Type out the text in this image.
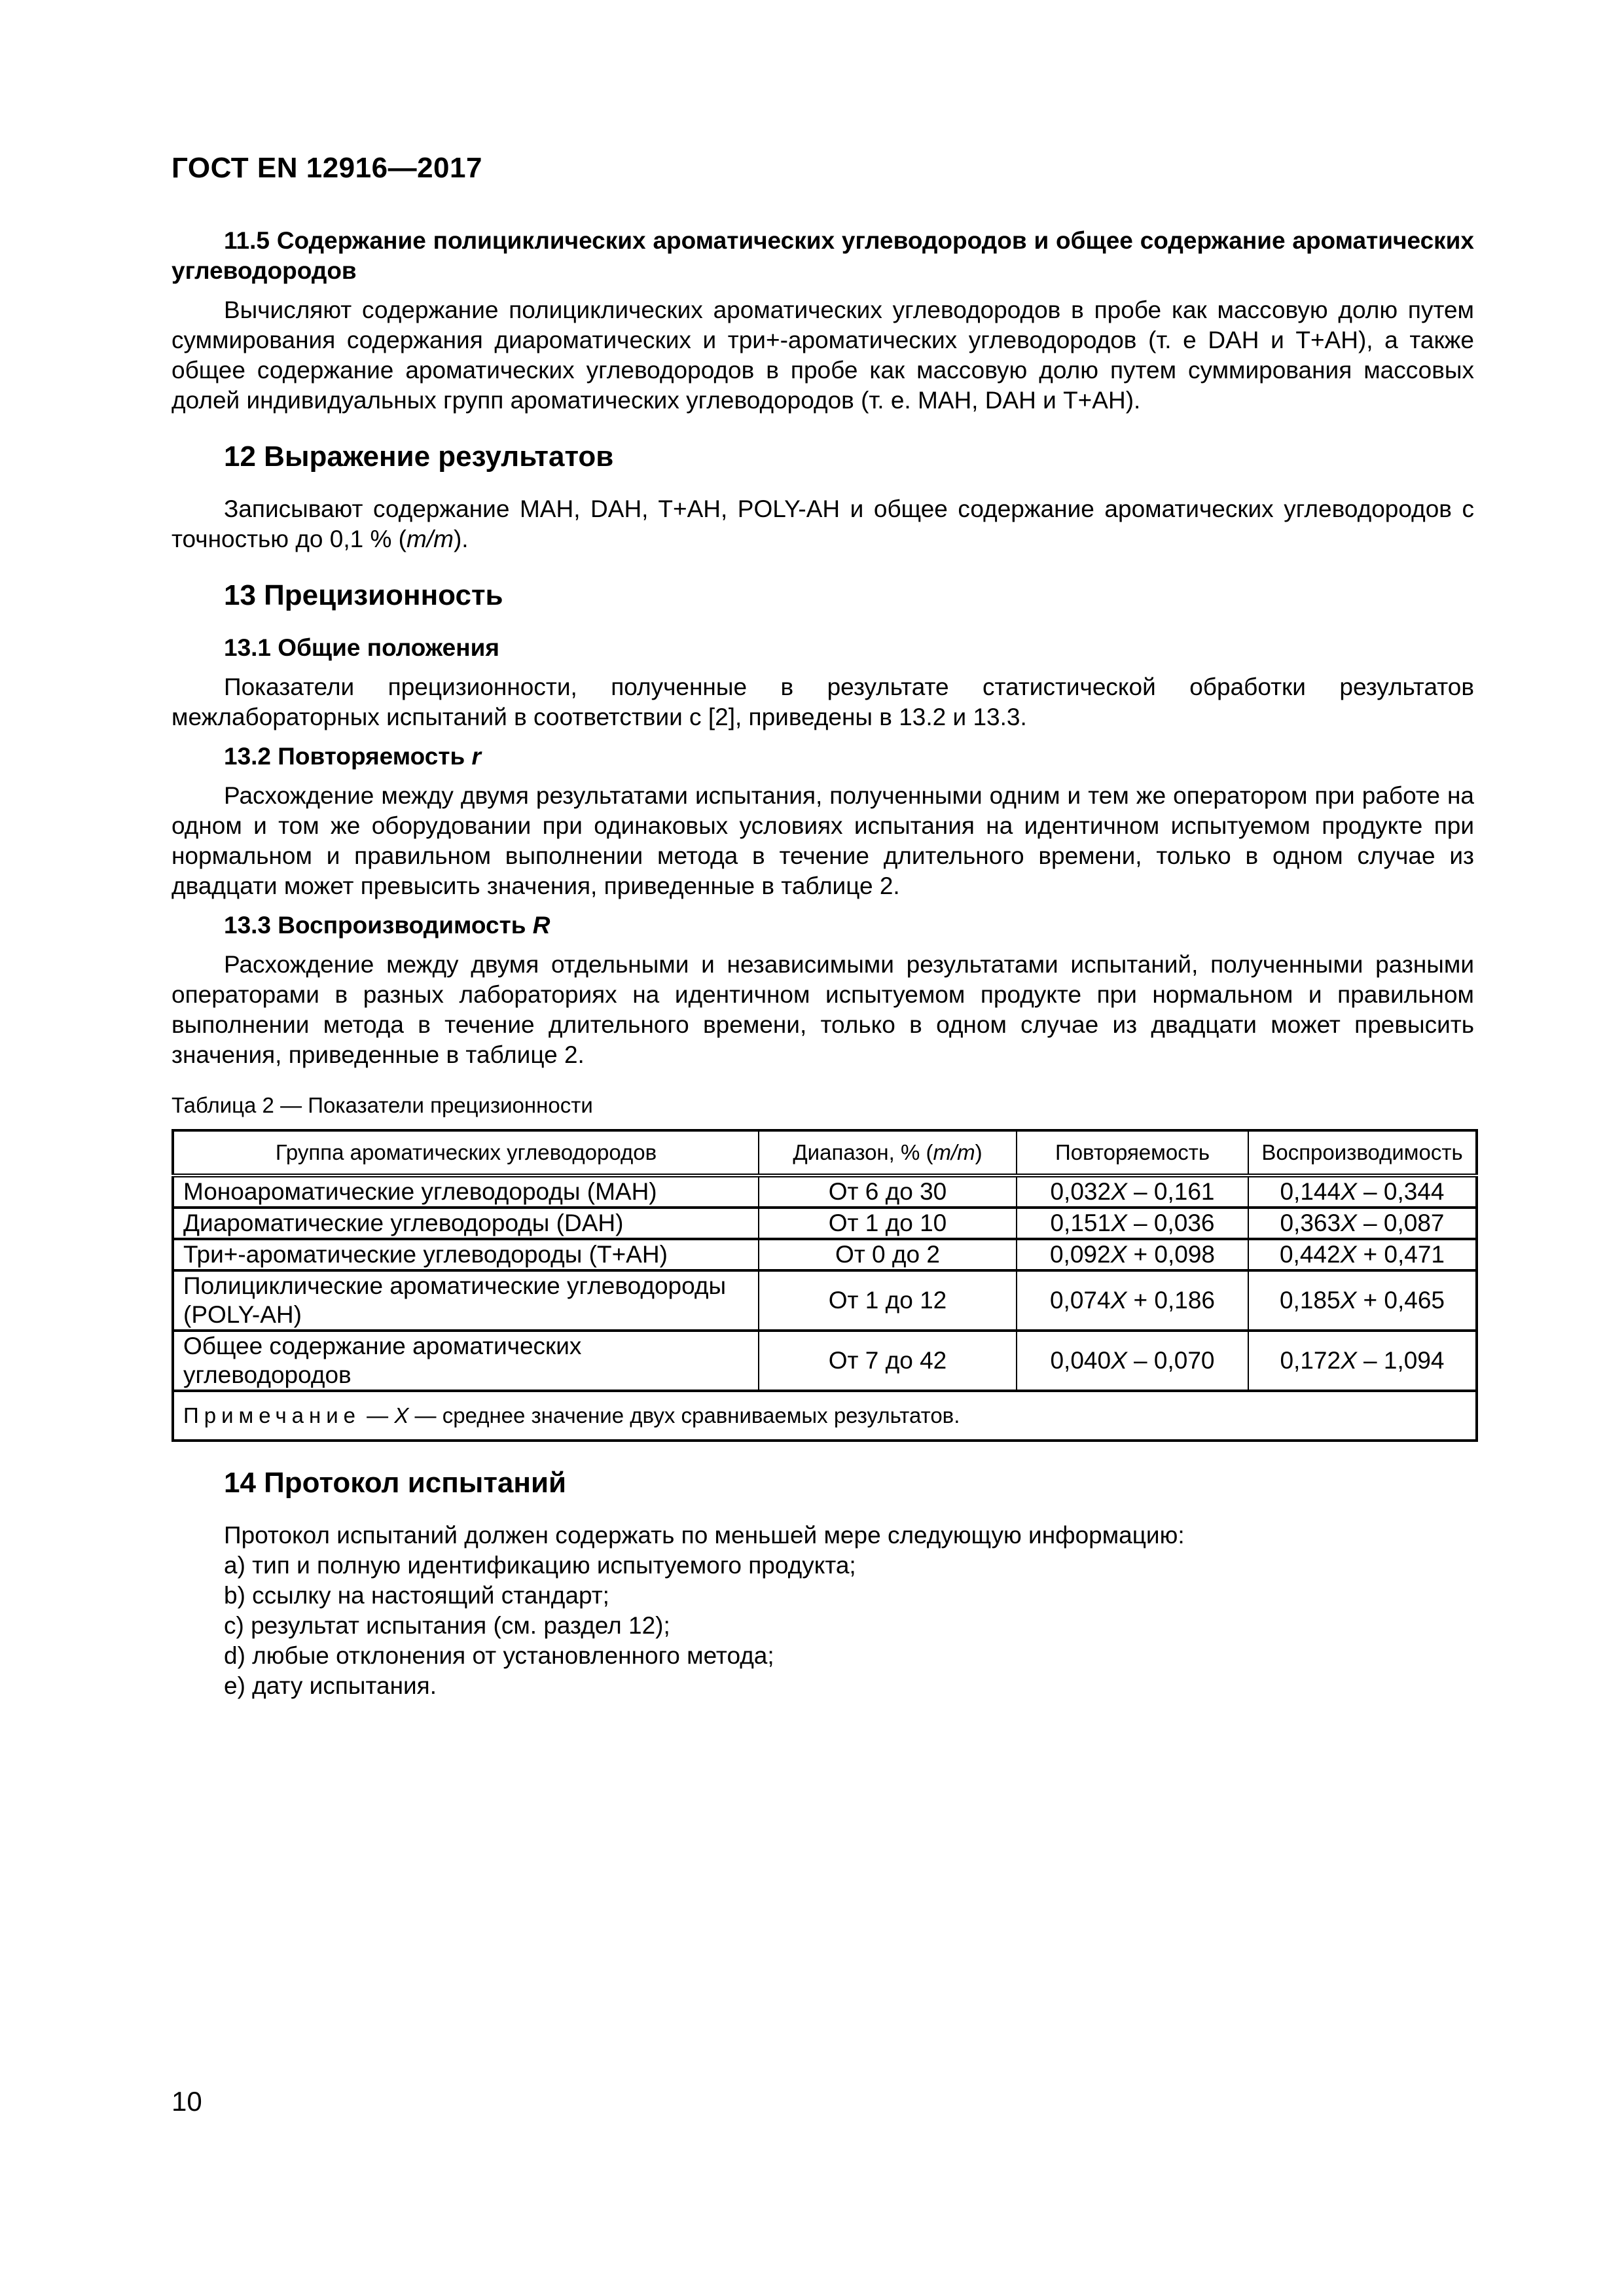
ГОСТ EN 12916—2017

11.5 Содержание полициклических ароматических углеводородов и общее содержание ароматических углеводородов

Вычисляют содержание полициклических ароматических углеводородов в пробе как массовую долю путем суммирования содержания диароматических и три+-ароматических углеводородов (т. е DAH и T+AH), а также общее содержание ароматических углеводородов в пробе как массовую долю путем суммирования массовых долей индивидуальных групп ароматических углеводородов (т. е. MAH, DAH и T+AH).

12 Выражение результатов

Записывают содержание MAH, DAH, T+AH, POLY-AH и общее содержание ароматических углеводородов с точностью до 0,1 % (m/m).

13 Прецизионность

13.1 Общие положения

Показатели прецизионности, полученные в результате статистической обработки результатов межлабораторных испытаний в соответствии с [2], приведены в 13.2 и 13.3.

13.2 Повторяемость r

Расхождение между двумя результатами испытания, полученными одним и тем же оператором при работе на одном и том же оборудовании при одинаковых условиях испытания на идентичном испытуемом продукте при нормальном и правильном выполнении метода в течение длительного времени, только в одном случае из двадцати может превысить значения, приведенные в таблице 2.

13.3 Воспроизводимость R

Расхождение между двумя отдельными и независимыми результатами испытаний, полученными разными операторами в разных лабораториях на идентичном испытуемом продукте при нормальном и правильном выполнении метода в течение длительного времени, только в одном случае из двадцати может превысить значения, приведенные в таблице 2.

Таблица 2 — Показатели прецизионности

Группа ароматических углеводородов	Диапазон, % (m/m)	Повторяемость	Воспроизводимость
Моноароматические углеводороды (MAH)	От 6 до 30	0,032X – 0,161	0,144X – 0,344
Диароматические углеводороды (DAH)	От 1 до 10	0,151X – 0,036	0,363X – 0,087
Три+-ароматические углеводороды (T+AH)	От 0 до 2	0,092X + 0,098	0,442X + 0,471
Полициклические ароматические углеводороды (POLY-AH)	От 1 до 12	0,074X + 0,186	0,185X + 0,465
Общее содержание ароматических углеводородов	От 7 до 42	0,040X – 0,070	0,172X – 1,094
Примечание — X — среднее значение двух сравниваемых результатов.			

14 Протокол испытаний

Протокол испытаний должен содержать по меньшей мере следующую информацию:

a) тип и полную идентификацию испытуемого продукта;
b) ссылку на настоящий стандарт;
c) результат испытания (см. раздел 12);
d) любые отклонения от установленного метода;
e) дату испытания.
10
